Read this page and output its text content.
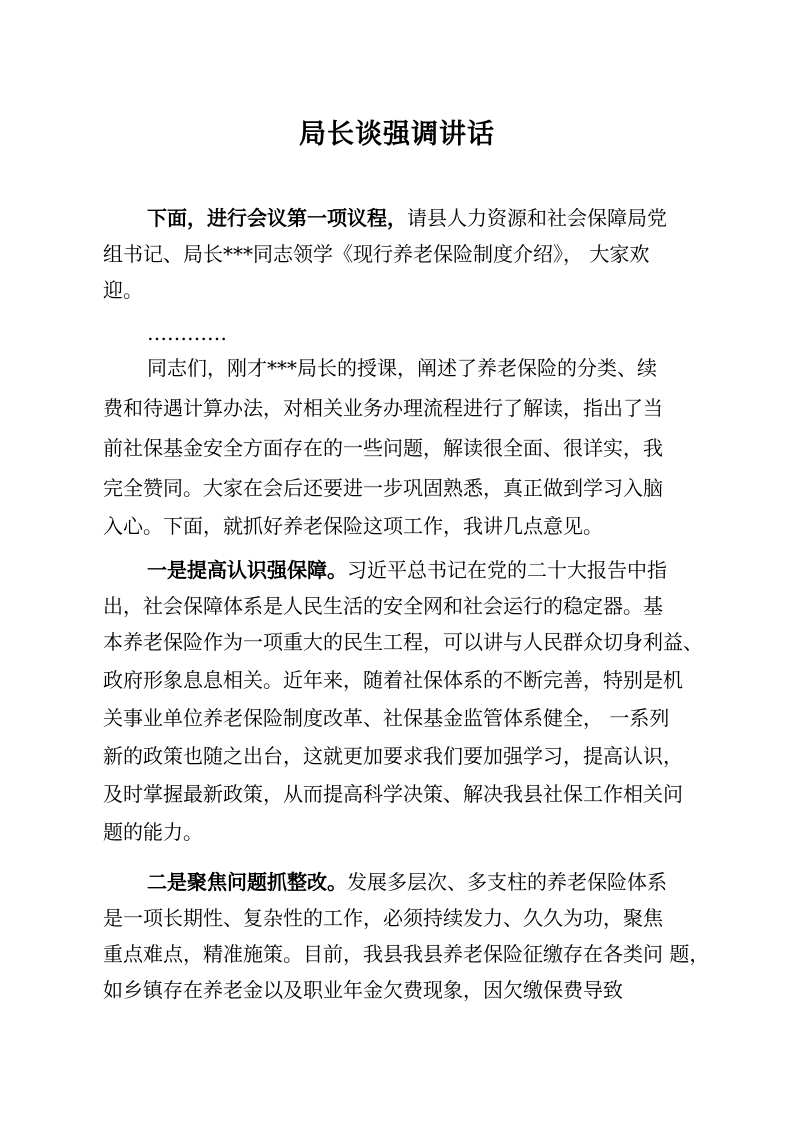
局长谈强调讲话
下面，进行会议第一项议程，请县人力资源和社会保障局党
组书记、局长***同志领学《现行养老保险制度介绍》， 大家欢
迎。
…………
同志们，刚才***局长的授课，阐述了养老保险的分类、续
费和待遇计算办法，对相关业务办理流程进行了解读，指出了当
前社保基金安全方面存在的一些问题，解读很全面、很详实，我
完全赞同。大家在会后还要进一步巩固熟悉，真正做到学习入脑
入心。下面，就抓好养老保险这项工作，我讲几点意见。
一是提高认识强保障。习近平总书记在党的二十大报告中指
出，社会保障体系是人民生活的安全网和社会运行的稳定器。基
本养老保险作为一项重大的民生工程，可以讲与人民群众切身利益、
政府形象息息相关。近年来，随着社保体系的不断完善，特别是机
关事业单位养老保险制度改革、社保基金监管体系健全， 一系列
新的政策也随之出台，这就更加要求我们要加强学习，提高认识，
及时掌握最新政策，从而提高科学决策、解决我县社保工作相关问
题的能力。
二是聚焦问题抓整改。发展多层次、多支柱的养老保险体系
是一项长期性、复杂性的工作，必须持续发力、久久为功，聚焦
重点难点，精准施策。目前，我县我县养老保险征缴存在各类问 题，
如乡镇存在养老金以及职业年金欠费现象，因欠缴保费导致
